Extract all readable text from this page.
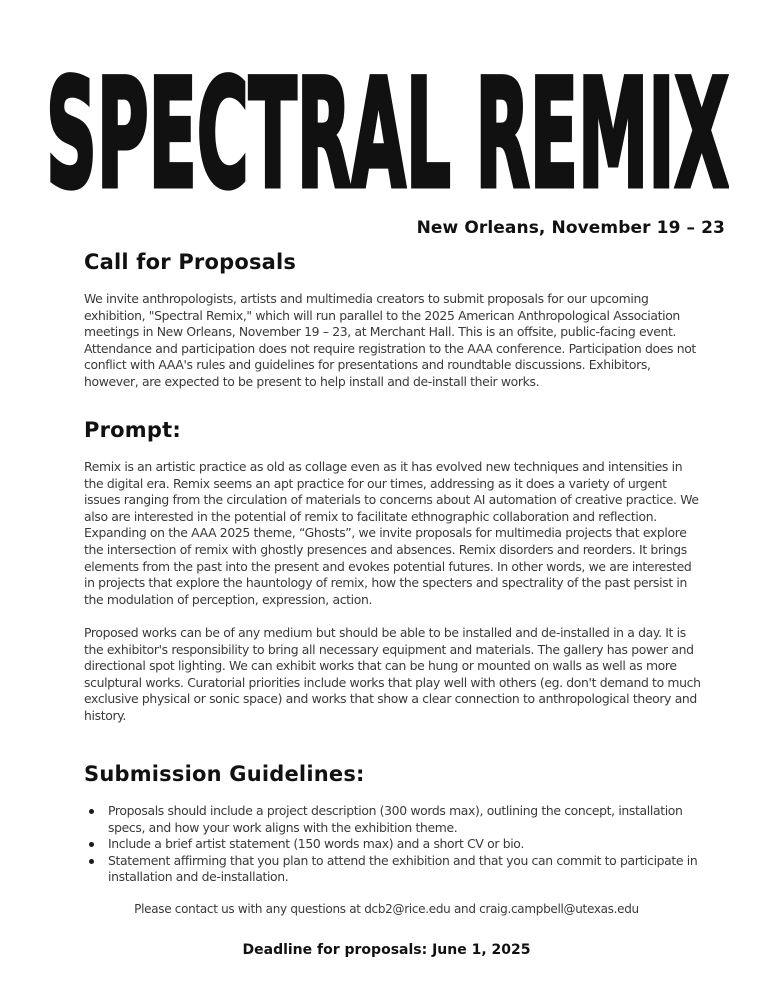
SPECTRAL REMIX

New Orleans, November 19 – 23

Call for Proposals

We invite anthropologists, artists and multimedia creators to submit proposals for our upcoming exhibition, "Spectral Remix," which will run parallel to the 2025 American Anthropological Association meetings in New Orleans, November 19 – 23, at Merchant Hall. This is an offsite, public-facing event. Attendance and participation does not require registration to the AAA conference. Participation does not conflict with AAA's rules and guidelines for presentations and roundtable discussions. Exhibitors, however, are expected to be present to help install and de-install their works.

Prompt:

Remix is an artistic practice as old as collage even as it has evolved new techniques and intensities in the digital era. Remix seems an apt practice for our times, addressing as it does a variety of urgent issues ranging from the circulation of materials to concerns about AI automation of creative practice. We also are interested in the potential of remix to facilitate ethnographic collaboration and reflection. Expanding on the AAA 2025 theme, “Ghosts”, we invite proposals for multimedia projects that explore the intersection of remix with ghostly presences and absences. Remix disorders and reorders. It brings elements from the past into the present and evokes potential futures. In other words, we are interested in projects that explore the hauntology of remix, how the specters and spectrality of the past persist in the modulation of perception, expression, action.

Proposed works can be of any medium but should be able to be installed and de-installed in a day. It is the exhibitor's responsibility to bring all necessary equipment and materials. The gallery has power and directional spot lighting. We can exhibit works that can be hung or mounted on walls as well as more sculptural works. Curatorial priorities include works that play well with others (eg. don't demand to much exclusive physical or sonic space) and works that show a clear connection to anthropological theory and history.

Submission Guidelines:
Proposals should include a project description (300 words max), outlining the concept, installation specs, and how your work aligns with the exhibition theme.
Include a brief artist statement (150 words max) and a short CV or bio.
Statement affirming that you plan to attend the exhibition and that you can commit to participate in installation and de-installation.

Please contact us with any questions at dcb2@rice.edu and craig.campbell@utexas.edu

Deadline for proposals: June 1, 2025
